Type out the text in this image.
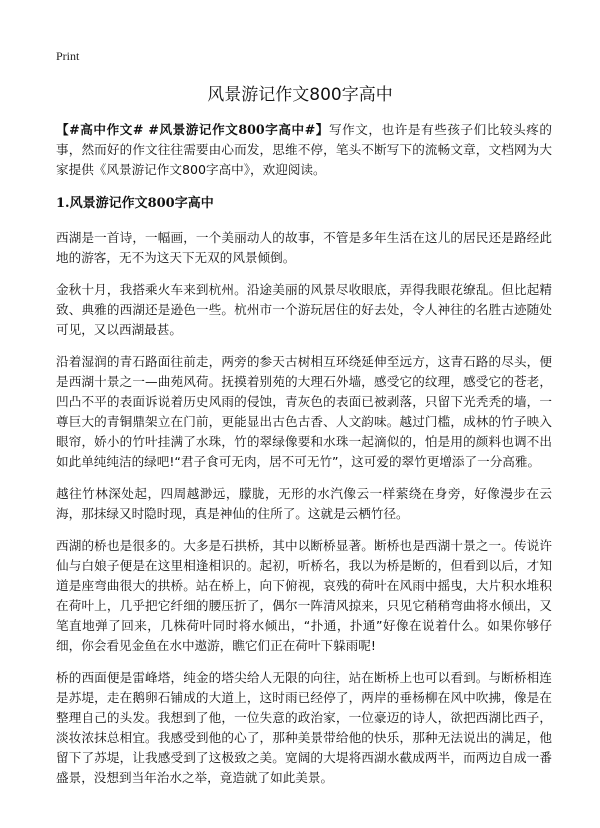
Print
风景游记作文800字高中

【#高中作文# #风景游记作文800字高中#】写作文，也许是有些孩子们比较头疼的事，然而好的作文往往需要由心而发，思维不停，笔头不断写下的流畅文章，文档网为大家提供《风景游记作文800字高中》，欢迎阅读。

1.风景游记作文800字高中

西湖是一首诗，一幅画，一个美丽动人的故事，不管是多年生活在这儿的居民还是路经此地的游客，无不为这天下无双的风景倾倒。

金秋十月，我搭乘火车来到杭州。沿途美丽的风景尽收眼底，弄得我眼花缭乱。但比起精致、典雅的西湖还是逊色一些。杭州市一个游玩居住的好去处，令人神往的名胜古迹随处可见，又以西湖最甚。

沿着湿润的青石路面往前走，两旁的参天古树相互环绕延伸至远方，这青石路的尽头，便是西湖十景之一—曲苑风荷。抚摸着别苑的大理石外墙，感受它的纹理，感受它的苍老，凹凸不平的表面诉说着历史风雨的侵蚀，青灰色的表面已被剥落，只留下光秃秃的墙，一尊巨大的青铜鼎架立在门前，更能显出古色古香、人文韵味。越过门槛，成林的竹子映入眼帘，娇小的竹叶挂满了水珠，竹的翠绿像要和水珠一起滴似的，怕是用的颜料也调不出如此单纯纯洁的绿吧!“君子食可无肉，居不可无竹”，这可爱的翠竹更增添了一分高雅。

越往竹林深处起，四周越渺远，朦胧，无形的水汽像云一样萦绕在身旁，好像漫步在云海，那抹绿又时隐时现，真是神仙的住所了。这就是云栖竹径。

西湖的桥也是很多的。大多是石拱桥，其中以断桥显著。断桥也是西湖十景之一。传说许仙与白娘子便是在这里相逢相识的。起初，听桥名，我以为桥是断的，但看到以后，才知道是座弯曲很大的拱桥。站在桥上，向下俯视，哀残的荷叶在风雨中摇曳，大片积水堆积在荷叶上，几乎把它纤细的腰压折了，偶尔一阵清风掠来，只见它稍稍弯曲将水倾出，又笔直地弹了回来，几株荷叶同时将水倾出，“扑通，扑通”好像在说着什么。如果你够仔细，你会看见金鱼在水中遨游，瞧它们正在荷叶下躲雨呢!

桥的西面便是雷峰塔，纯金的塔尖给人无限的向往，站在断桥上也可以看到。与断桥相连是苏堤，走在鹅卵石铺成的大道上，这时雨已经停了，两岸的垂杨柳在风中吹拂，像是在整理自己的头发。我想到了他，一位失意的政治家，一位豪迈的诗人，欲把西湖比西子，淡妆浓抹总相宜。我感受到他的心了，那种美景带给他的快乐，那种无法说出的满足，他留下了苏堤，让我感受到了这极致之美。宽阔的大堤将西湖水截成两半，而两边自成一番盛景，没想到当年治水之举，竟造就了如此美景。
